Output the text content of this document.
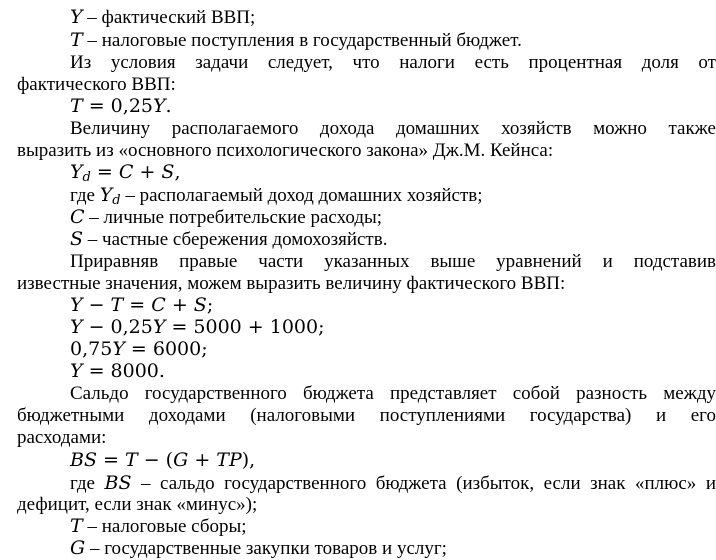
Y – фактический ВВП;
T – налоговые поступления в государственный бюджет.
Из условия задачи следует, что налоги есть процентная доля от
фактического ВВП:
T = 0,25Y.
Величину располагаемого дохода домашних хозяйств можно также
выразить из «основного психологического закона» Дж.М. Кейнса:
$Y_d = C + S$,
где $Y_d$ – располагаемый доход домашних хозяйств;
C – личные потребительские расходы;
S – частные сбережения домохозяйств.
Приравняв правые части указанных выше уравнений и подставив
известные значения, можем выразить величину фактического ВВП:
Y − T = C + S;
Y − 0,25Y = 5000 + 1000;
0,75Y = 6000;
Y = 8000.
Сальдо государственного бюджета представляет собой разность между
бюджетными доходами (налоговыми поступлениями государства) и его
расходами:
BS = T − (G + TP),
где BS – сальдо государственного бюджета (избыток, если знак «плюс» и
дефицит, если знак «минус»);
T – налоговые сборы;
G – государственные закупки товаров и услуг;
